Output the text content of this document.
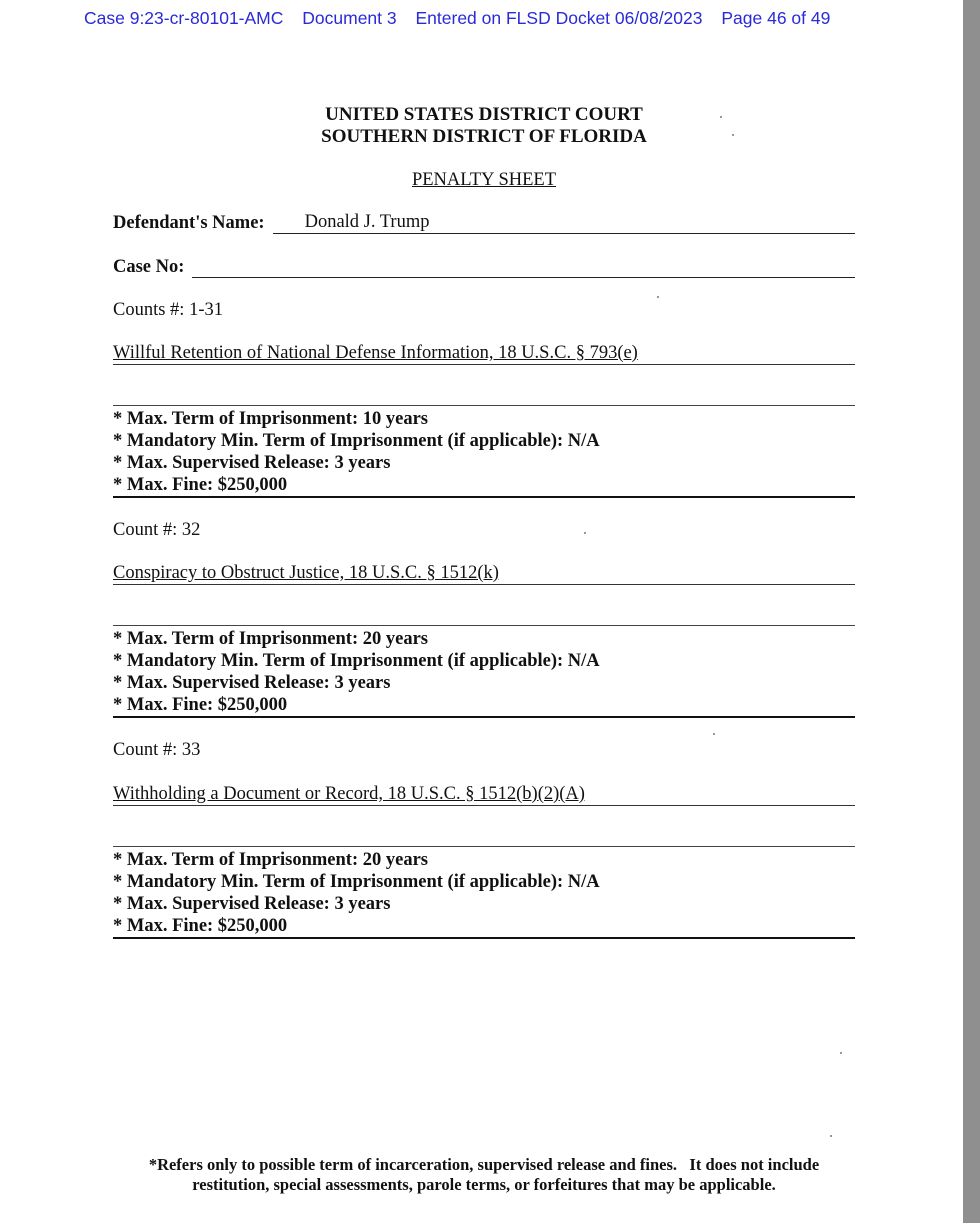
Case 9:23-cr-80101-AMC Document 3 Entered on FLSD Docket 06/08/2023 Page 46 of 49
UNITED STATES DISTRICT COURT
SOUTHERN DISTRICT OF FLORIDA
PENALTY SHEET
Defendant's Name:	Donald J. Trump
Case No:
Counts #: 1-31
Willful Retention of National Defense Information, 18 U.S.C. § 793(e)
* Max. Term of Imprisonment: 10 years
* Mandatory Min. Term of Imprisonment (if applicable): N/A
* Max. Supervised Release: 3 years
* Max. Fine: $250,000
Count #: 32
Conspiracy to Obstruct Justice, 18 U.S.C. § 1512(k)
* Max. Term of Imprisonment: 20 years
* Mandatory Min. Term of Imprisonment (if applicable): N/A
* Max. Supervised Release: 3 years
* Max. Fine: $250,000
Count #: 33
Withholding a Document or Record, 18 U.S.C. § 1512(b)(2)(A)
* Max. Term of Imprisonment: 20 years
* Mandatory Min. Term of Imprisonment (if applicable): N/A
* Max. Supervised Release: 3 years
* Max. Fine: $250,000
*Refers only to possible term of incarceration, supervised release and fines.   It does not include
restitution, special assessments, parole terms, or forfeitures that may be applicable.
